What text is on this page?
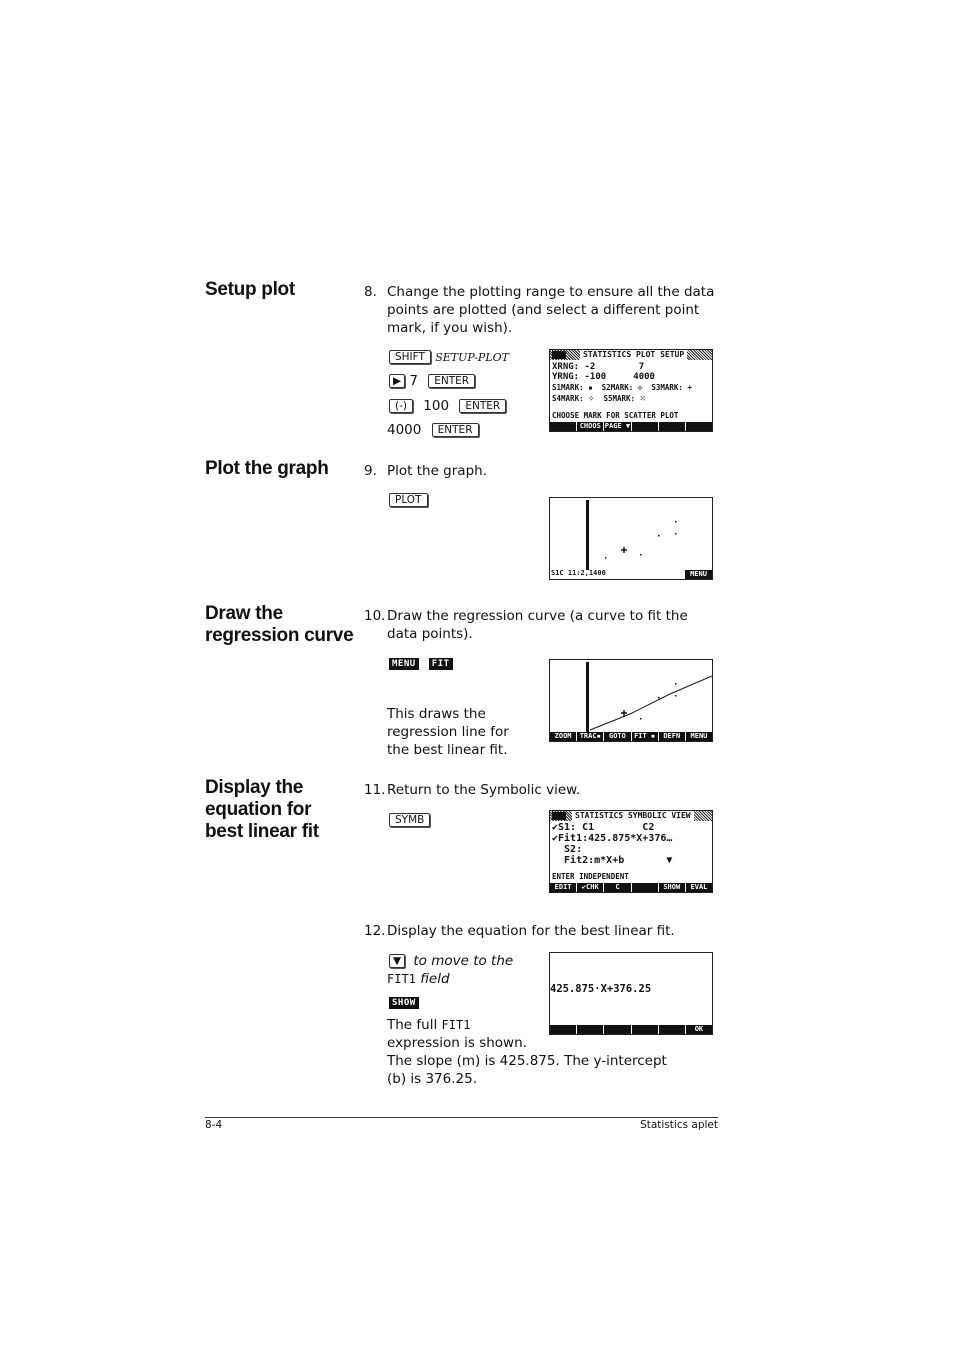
Setup plot	8. Change the plotting range to ensure all the data points are plotted (and select a different point mark, if you wish).
SHIFT SETUP-PLOT
▶ 7 ENTER
(-) 100 ENTER
4000 ENTER
STATISTICS PLOT SETUP
XRNG: -2        7
YRNG: -100     4000
S1MARK: ▪  S2MARK: ✣  S3MARK: +
S4MARK: ⁘  S5MARK: ⁙
CHOOSE MARK FOR SCATTER PLOT
CHOOS PAGE ▼
Plot the graph	9. Plot the graph.
PLOT
S1C 11:2,1400	MENU
Draw the
regression curve
10. Draw the regression curve (a curve to fit the data points).
MENU FIT
This draws the regression line for the best linear fit.
ZOOM	TRAC▪	GOTO	FIT ▪	DEFN	MENU
Display the
equation for
best linear fit
11. Return to the Symbolic view.
SYMB	STATISTICS SYMBOLIC VIEW
✔S1: C1        C2
✔Fit1:425.875*X+376…
S2:
Fit2:m*X+b       ▼
ENTER INDEPENDENT
EDIT	✔CHK	C	SHOW	EVAL
12. Display the equation for the best linear fit.
▼ to move to the
FIT1 field
SHOW
The full FIT1
expression is shown.
The slope (m) is 425.875. The y-intercept (b) is 376.25.
425.875·X+376.25
OK
8-4	Statistics aplet
